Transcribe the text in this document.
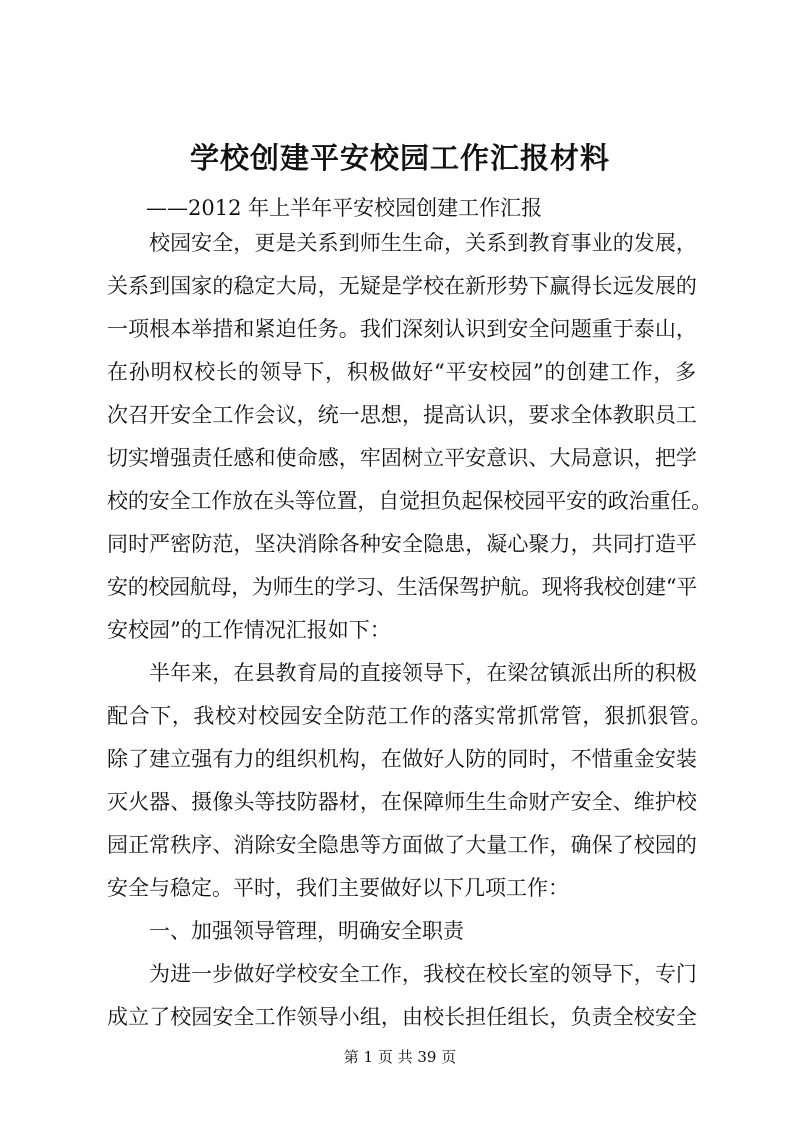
学校创建平安校园工作汇报材料
——2012 年上半年平安校园创建工作汇报
校园安全，更是关系到师生生命，关系到教育事业的发展，
关系到国家的稳定大局，无疑是学校在新形势下赢得长远发展的
一项根本举措和紧迫任务。我们深刻认识到安全问题重于泰山，
在孙明权校长的领导下，积极做好“平安校园”的创建工作，多
次召开安全工作会议，统一思想，提高认识，要求全体教职员工
切实增强责任感和使命感，牢固树立平安意识、大局意识，把学
校的安全工作放在头等位置，自觉担负起保校园平安的政治重任。
同时严密防范，坚决消除各种安全隐患，凝心聚力，共同打造平
安的校园航母，为师生的学习、生活保驾护航。现将我校创建“平
安校园”的工作情况汇报如下：
半年来，在县教育局的直接领导下，在梁岔镇派出所的积极
配合下，我校对校园安全防范工作的落实常抓常管，狠抓狠管。
除了建立强有力的组织机构，在做好人防的同时，不惜重金安装
灭火器、摄像头等技防器材，在保障师生生命财产安全、维护校
园正常秩序、消除安全隐患等方面做了大量工作，确保了校园的
安全与稳定。平时，我们主要做好以下几项工作：
一、加强领导管理，明确安全职责
为进一步做好学校安全工作，我校在校长室的领导下，专门
成立了校园安全工作领导小组，由校长担任组长，负责全校安全
第 1 页 共 39 页
